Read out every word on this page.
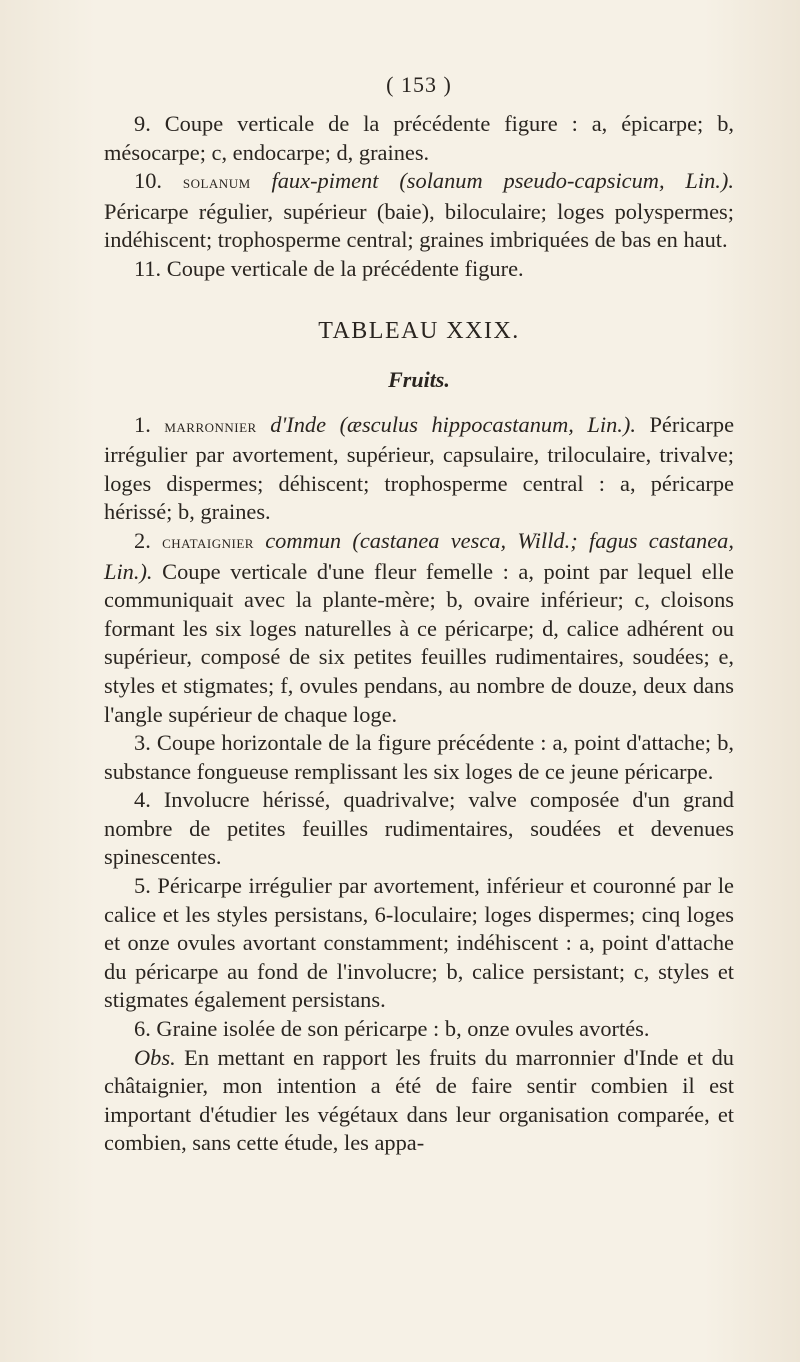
( 153 )

9. Coupe verticale de la précédente figure : a, épicarpe; b, mésocarpe; c, endocarpe; d, graines.

10. solanum faux-piment (solanum pseudo-capsicum, Lin.). Péricarpe régulier, supérieur (baie), biloculaire; loges polyspermes; indéhiscent; trophosperme central; graines imbriquées de bas en haut.

11. Coupe verticale de la précédente figure.

TABLEAU XXIX.
Fruits.

1. marronnier d'Inde (æsculus hippocastanum, Lin.). Péricarpe irrégulier par avortement, supérieur, capsulaire, triloculaire, trivalve; loges dispermes; déhiscent; trophosperme central : a, péricarpe hérissé; b, graines.

2. chataignier commun (castanea vesca, Willd.; fagus castanea, Lin.). Coupe verticale d'une fleur femelle : a, point par lequel elle communiquait avec la plante-mère; b, ovaire inférieur; c, cloisons formant les six loges naturelles à ce péricarpe; d, calice adhérent ou supérieur, composé de six petites feuilles rudimentaires, soudées; e, styles et stigmates; f, ovules pendans, au nombre de douze, deux dans l'angle supérieur de chaque loge.

3. Coupe horizontale de la figure précédente : a, point d'attache; b, substance fongueuse remplissant les six loges de ce jeune péricarpe.

4. Involucre hérissé, quadrivalve; valve composée d'un grand nombre de petites feuilles rudimentaires, soudées et devenues spinescentes.

5. Péricarpe irrégulier par avortement, inférieur et couronné par le calice et les styles persistans, 6-loculaire; loges dispermes; cinq loges et onze ovules avortant constamment; indéhiscent : a, point d'attache du péricarpe au fond de l'involucre; b, calice persistant; c, styles et stigmates également persistans.

6. Graine isolée de son péricarpe : b, onze ovules avortés.

Obs. En mettant en rapport les fruits du marronnier d'Inde et du châtaignier, mon intention a été de faire sentir combien il est important d'étudier les végétaux dans leur organisation comparée, et combien, sans cette étude, les appa-
